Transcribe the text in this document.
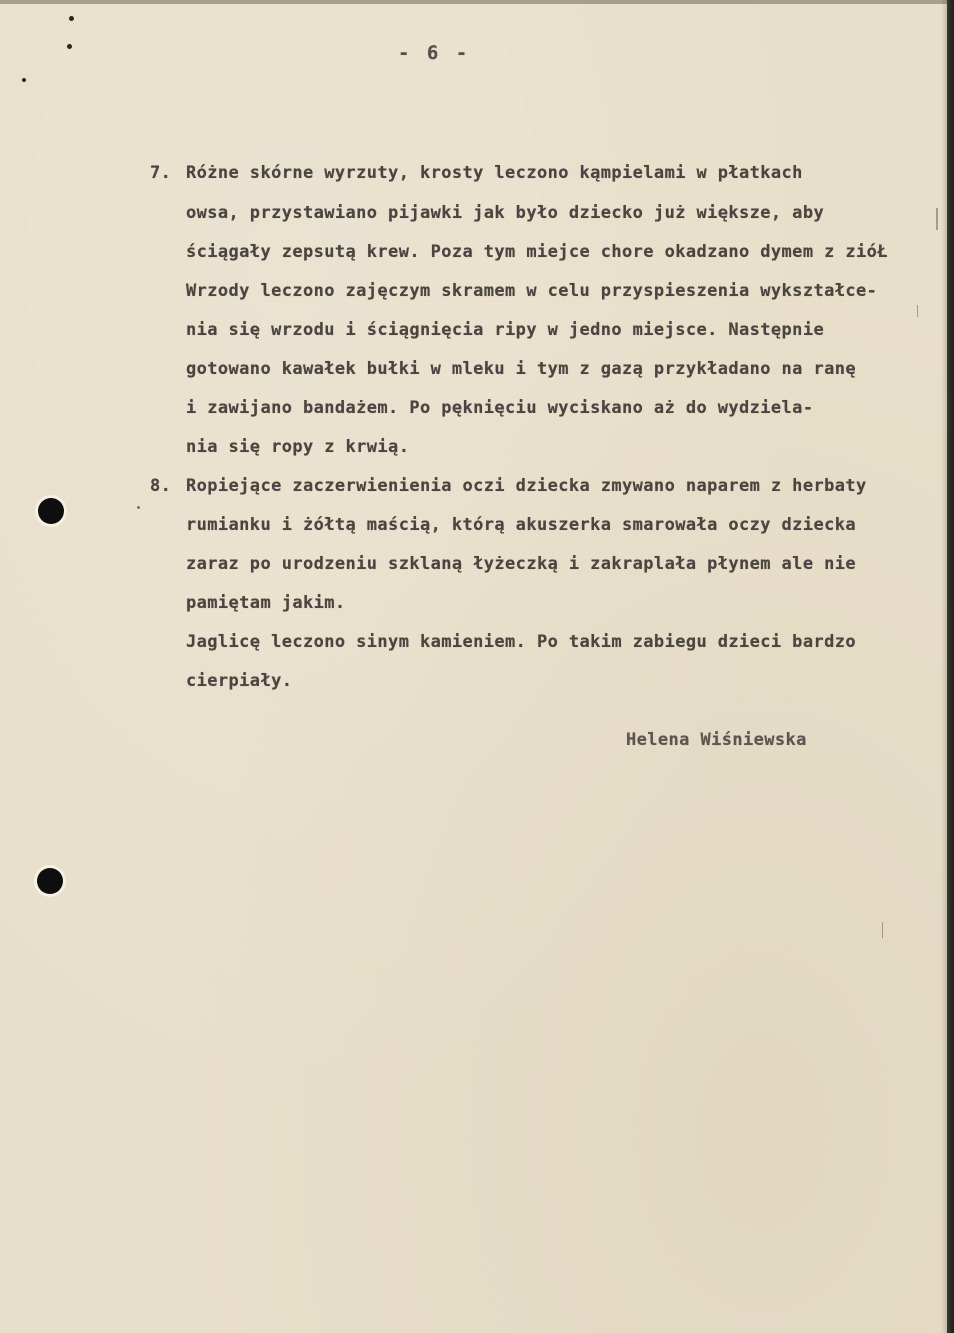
- 6 -
7. Różne skórne wyrzuty, krosty leczono kąmpielami w płatkach
owsa, przystawiano pijawki jak było dziecko już większe, aby
ściągały zepsutą krew. Poza tym miejce chore okadzano dymem z zióŁ
Wrzody leczono zajęczym skramem w celu przyspieszenia wykształce-
nia się wrzodu i ściągnięcia ripy w jedno miejsce. Następnie
gotowano kawałek bułki w mleku i tym z gazą przykładano na ranę
i zawijano bandażem. Po pęknięciu wyciskano aż do wydziela-
nia się ropy z krwią.
8. Ropiejące zaczerwienienia oczi dziecka zmywano naparem z herbaty
rumianku i żółtą maścią, którą akuszerka smarowała oczy dziecka
zaraz po urodzeniu szklaną łyżeczką i zakraplała płynem ale nie
pamiętam jakim.
Jaglicę leczono sinym kamieniem. Po takim zabiegu dzieci bardzo
cierpiały.
Helena Wiśniewska
